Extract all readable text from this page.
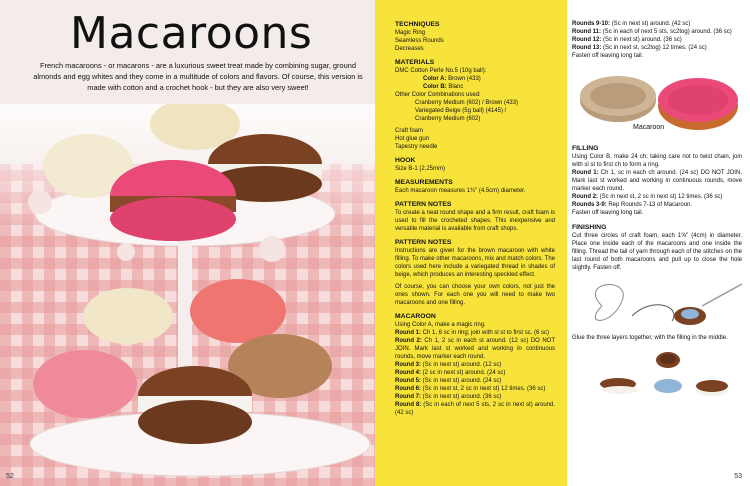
Macaroons
French macaroons - or macarons - are a luxurious sweet treat made by combining sugar, ground almonds and egg whites and they come in a multitude of colors and flavors. Of course, this version is made with cotton and a crochet hook - but they are also very sweet!
52
TECHNIQUES
Magic Ring
Seamless Rounds
Decreases
MATERIALS
DMC Cotton Perle No.5 (10g ball):
Color A: Brown (433)
Color B: Blanc
Other Color Combinations used:
Cranberry Medium (602) / Brown (433)
Variegated Beige (5g ball) (4145) /
Cranberry Medium (602)
Craft foam
Hot glue gun
Tapestry needle
HOOK
Size B-1 (2.25mm)
MEASUREMENTS
Each macaroon measures 1¾" (4.5cm) diameter.
PATTERN NOTES
To create a neat round shape and a firm result, craft foam is used to fill the crocheted shapes. This inexpensive and versatile material is available from craft shops.
PATTERN NOTES
Instructions are given for the brown macaroon with white filling. To make other macaroons, mix and match colors. The colors used here include a variegated thread in shades of beige, which produces an interesting speckled effect.
Of course, you can choose your own colors, not just the ones shown. For each one you will need to make two macaroons and one filling.
MACAROON
Using Color A, make a magic ring.
Round 1: Ch 1, 6 sc in ring; join with sl st to first sc. (6 sc)
Round 2: Ch 1, 2 sc in each st around. (12 sc) DO NOT JOIN. Mark last st worked and working in continuous rounds, move marker each round.
Round 3: (Sc in next st) around. (12 sc)
Round 4: (2 sc in next st) around. (24 sc)
Round 5: (Sc in next st) around. (24 sc)
Round 6: (Sc in next st, 2 sc in next st) 12 times. (36 sc)
Round 7: (Sc in next st) around. (36 sc)
Round 8: (Sc in each of next 5 sts, 2 sc in next st) around. (42 sc)
Rounds 9-10: (Sc in next st) around. (42 sc)
Round 11: (Sc in each of next 5 sts, sc2tog) around. (36 sc)
Round 12: (Sc in next st) around. (36 sc)
Round 13: (Sc in next st, sc2tog) 12 times. (24 sc)
Fasten off leaving long tail.
Macaroon
FILLING
Using Color B, make 24 ch; taking care not to twist chain, join with sl st to first ch to form a ring.
Round 1: Ch 1, sc in each ch around. (24 sc) DO NOT JOIN. Mark last st worked and working in continuous rounds, move marker each round.
Round 2: (Sc in next st, 2 sc in next st) 12 times. (36 sc)
Rounds 3-9: Rep Rounds 7-13 of Macaroon.
Fasten off leaving long tail.
FINISHING
Cut three circles of craft foam, each 1⅝" (4cm) in diameter. Place one inside each of the macaroons and one inside the filling. Thread the tail of yarn through each of the stitches on the last round of both macaroons and pull up to close the hole slightly. Fasten off.
Glue the three layers together, with the filling in the middle.
53
